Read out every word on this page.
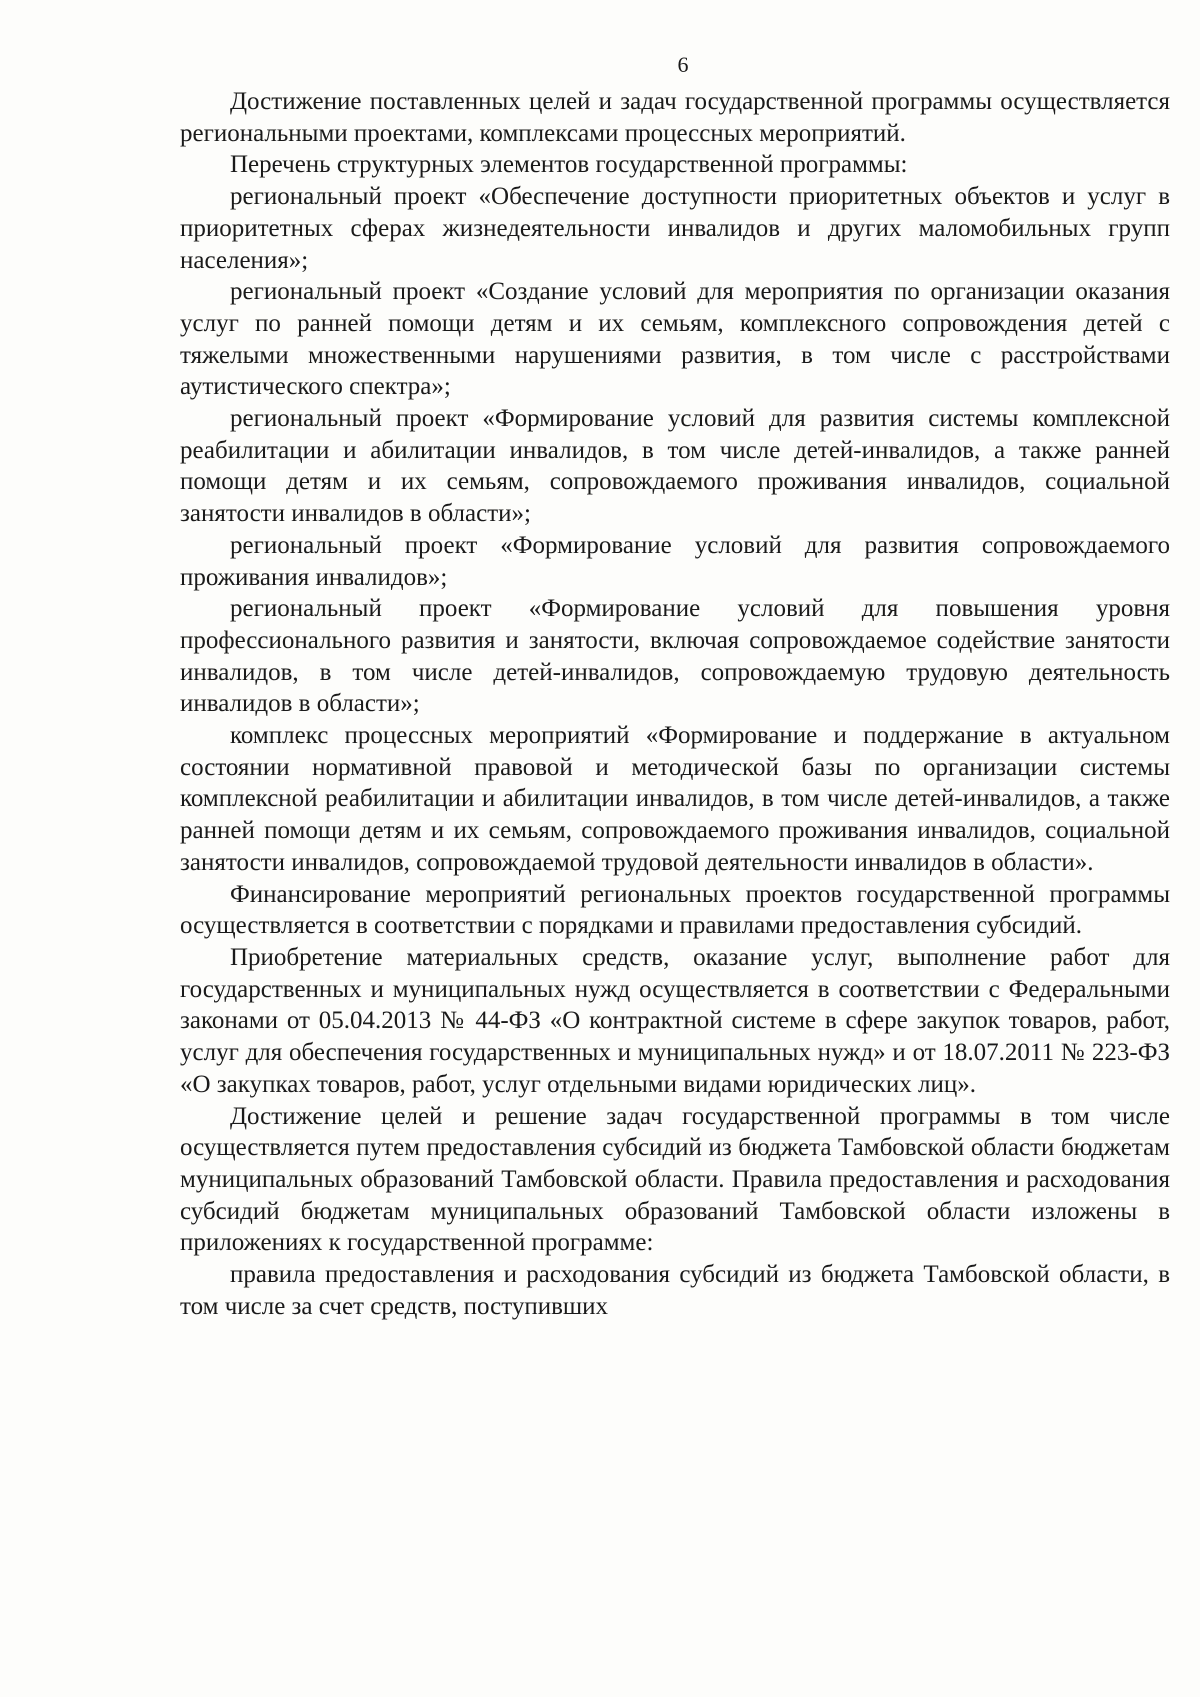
6

Достижение поставленных целей и задач государственной программы осуществляется региональными проектами, комплексами процессных мероприятий.

Перечень структурных элементов государственной программы:

региональный проект «Обеспечение доступности приоритетных объектов и услуг в приоритетных сферах жизнедеятельности инвалидов и других маломобильных групп населения»;

региональный проект «Создание условий для мероприятия по организации оказания услуг по ранней помощи детям и их семьям, комплексного сопровождения детей с тяжелыми множественными нарушениями развития, в том числе с расстройствами аутистического спектра»;

региональный проект «Формирование условий для развития системы комплексной реабилитации и абилитации инвалидов, в том числе детей-инвалидов, а также ранней помощи детям и их семьям, сопровождаемого проживания инвалидов, социальной занятости инвалидов в области»;

региональный проект «Формирование условий для развития сопровождаемого проживания инвалидов»;

региональный проект «Формирование условий для повышения уровня профессионального развития и занятости, включая сопровождаемое содействие занятости инвалидов, в том числе детей-инвалидов, сопровождаемую трудовую деятельность инвалидов в области»;

комплекс процессных мероприятий «Формирование и поддержание в актуальном состоянии нормативной правовой и методической базы по организации системы комплексной реабилитации и абилитации инвалидов, в том числе детей-инвалидов, а также ранней помощи детям и их семьям, сопровождаемого проживания инвалидов, социальной занятости инвалидов, сопровождаемой трудовой деятельности инвалидов в области».

Финансирование мероприятий региональных проектов государственной программы осуществляется в соответствии с порядками и правилами предоставления субсидий.

Приобретение материальных средств, оказание услуг, выполнение работ для государственных и муниципальных нужд осуществляется в соответствии с Федеральными законами от 05.04.2013 № 44-ФЗ «О контрактной системе в сфере закупок товаров, работ, услуг для обеспечения государственных и муниципальных нужд» и от 18.07.2011 № 223-ФЗ «О закупках товаров, работ, услуг отдельными видами юридических лиц».

Достижение целей и решение задач государственной программы в том числе осуществляется путем предоставления субсидий из бюджета Тамбовской области бюджетам муниципальных образований Тамбовской области. Правила предоставления и расходования субсидий бюджетам муниципальных образований Тамбовской области изложены в приложениях к государственной программе:

правила предоставления и расходования субсидий из бюджета Тамбовской области, в том числе за счет средств, поступивших
